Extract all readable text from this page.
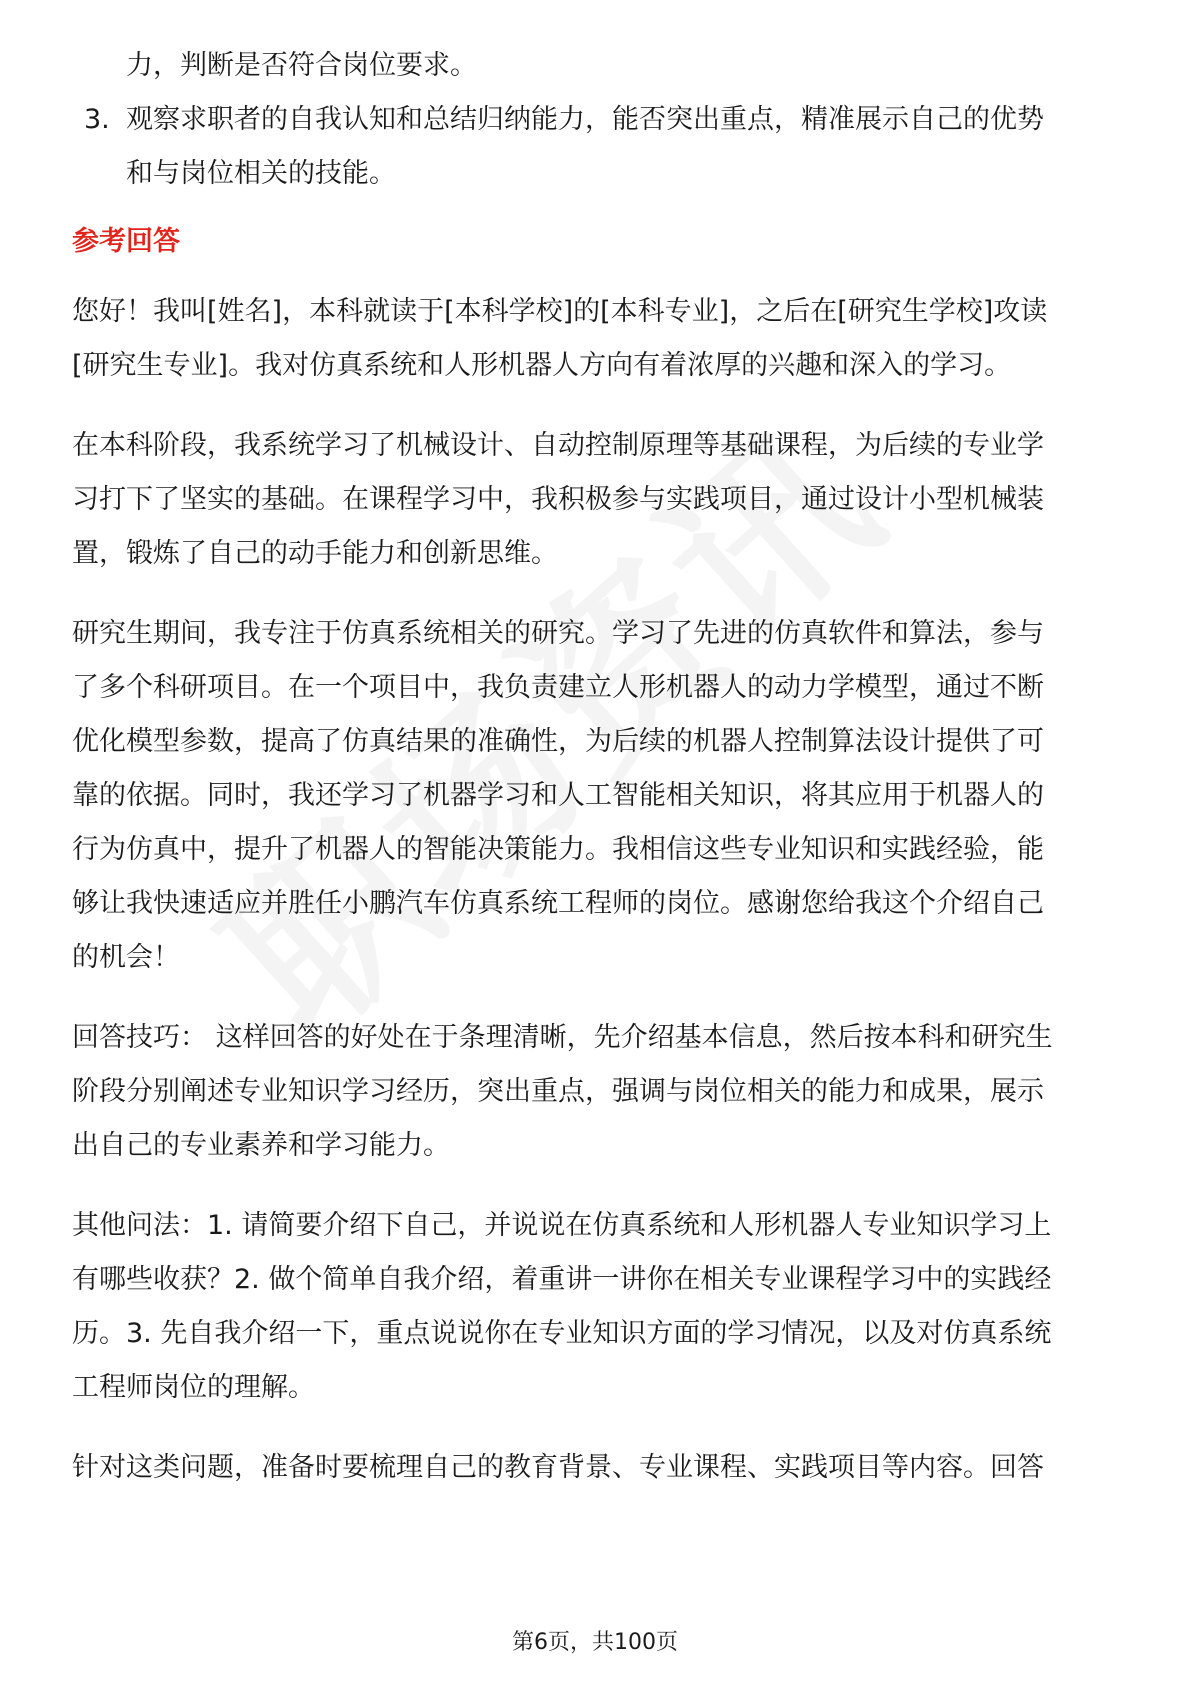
力，判断是否符合岗位要求。
3. 观察求职者的自我认知和总结归纳能力，能否突出重点，精准展示自己的优势
和与岗位相关的技能。
参考回答
您好！我叫[姓名]，本科就读于[本科学校]的[本科专业]，之后在[研究生学校]攻读
[研究生专业]。我对仿真系统和人形机器人方向有着浓厚的兴趣和深入的学习。
在本科阶段，我系统学习了机械设计、自动控制原理等基础课程，为后续的专业学
习打下了坚实的基础。在课程学习中，我积极参与实践项目，通过设计小型机械装
置，锻炼了自己的动手能力和创新思维。
研究生期间，我专注于仿真系统相关的研究。学习了先进的仿真软件和算法，参与
了多个科研项目。在一个项目中，我负责建立人形机器人的动力学模型，通过不断
优化模型参数，提高了仿真结果的准确性，为后续的机器人控制算法设计提供了可
靠的依据。同时，我还学习了机器学习和人工智能相关知识，将其应用于机器人的
行为仿真中，提升了机器人的智能决策能力。我相信这些专业知识和实践经验，能
够让我快速适应并胜任小鹏汽车仿真系统工程师的岗位。感谢您给我这个介绍自己
的机会！
回答技巧： 这样回答的好处在于条理清晰，先介绍基本信息，然后按本科和研究生
阶段分别阐述专业知识学习经历，突出重点，强调与岗位相关的能力和成果，展示
出自己的专业素养和学习能力。
其他问法：1. 请简要介绍下自己，并说说在仿真系统和人形机器人专业知识学习上
有哪些收获？2. 做个简单自我介绍，着重讲一讲你在相关专业课程学习中的实践经
历。3. 先自我介绍一下，重点说说你在专业知识方面的学习情况，以及对仿真系统
工程师岗位的理解。
针对这类问题，准备时要梳理自己的教育背景、专业课程、实践项目等内容。回答
第6页，共100页
